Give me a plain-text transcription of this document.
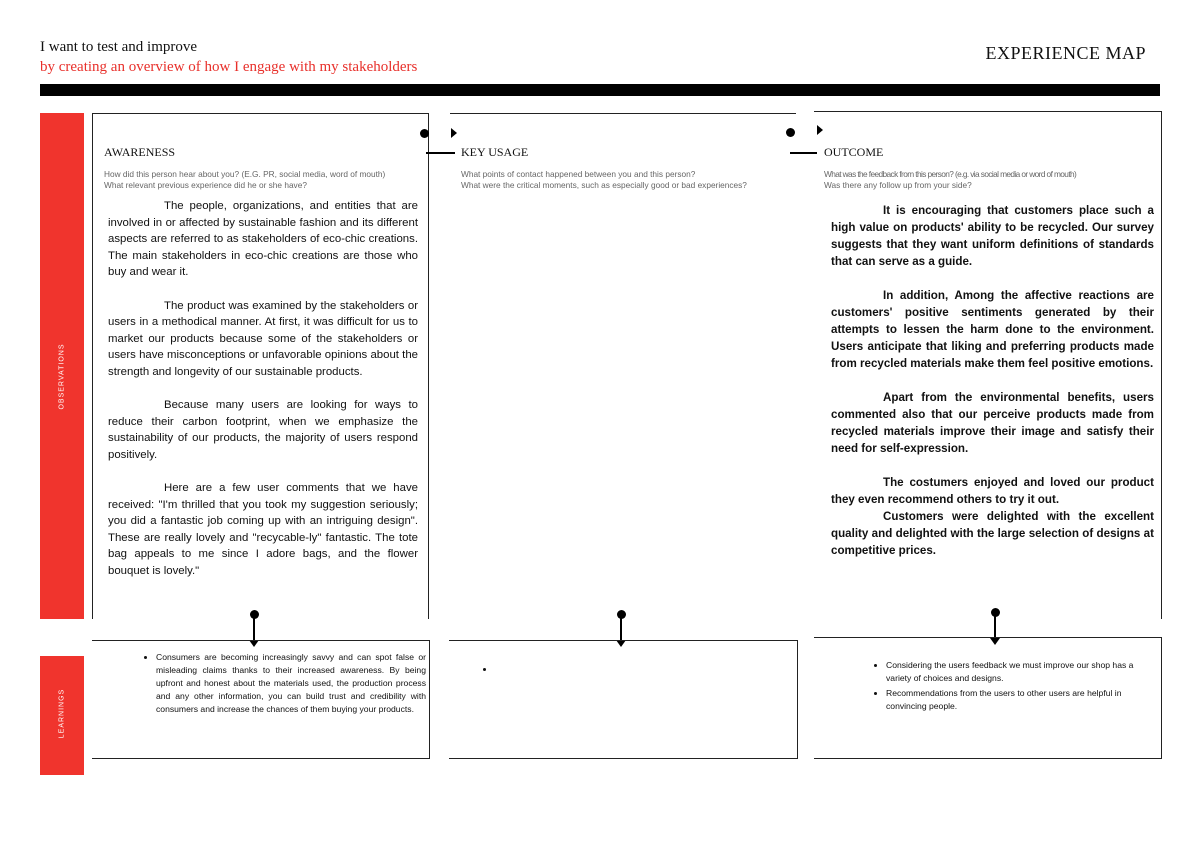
I want to test and improve
by creating an overview of how I engage with my stakeholders
EXPERIENCE MAP
OBSERVATIONS
LEARNINGS
AWARENESS
How did this person hear about you? (E.G. PR, social media, word of mouth)
What relevant previous experience did he or she have?

The people, organizations, and entities that are involved in or affected by sustainable fashion and its different aspects are referred to as stakeholders of eco-chic creations. The main stakeholders in eco-chic creations are those who buy and wear it.

The product was examined by the stakeholders or users in a methodical manner. At first, it was difficult for us to market our products because some of the stakeholders or users have misconceptions or unfavorable opinions about the strength and longevity of our sustainable products.

Because many users are looking for ways to reduce their carbon footprint, when we emphasize the sustainability of our products, the majority of users respond positively.

Here are a few user comments that we have received: "I'm thrilled that you took my suggestion seriously; you did a fantastic job coming up with an intriguing design". These are really lovely and "recycable-ly" fantastic. The tote bag appeals to me since I adore bags, and the flower bouquet is lovely."

KEY USAGE
What points of contact happened between you and this person?
What were the critical moments, such as especially good or bad experiences?
OUTCOME
What was the feedback from this person? (e.g. via social media or word of mouth)
Was there any follow up from your side?

It is encouraging that customers place such a high value on products' ability to be recycled. Our survey suggests that they want uniform definitions of standards that can serve as a guide.

In addition, Among the affective reactions are customers' positive sentiments generated by their attempts to lessen the harm done to the environment. Users anticipate that liking and preferring products made from recycled materials make them feel positive emotions.

Apart from the environmental benefits, users commented also that our perceive products made from recycled materials improve their image and satisfy their need for self-expression.

The costumers enjoyed and loved our product they even recommend others to try it out.

Customers were delighted with the excellent quality and delighted with the large selection of designs at competitive prices.

• Consumers are becoming increasingly savvy and can spot false or misleading claims thanks to their increased awareness. By being upfront and honest about the materials used, the production process and any other information, you can build trust and credibility with consumers and increase the chances of them buying your products.
•
• Considering the users feedback we must improve our shop has a variety of choices and designs.
• Recommendations from the users to other users are helpful in convincing people.
